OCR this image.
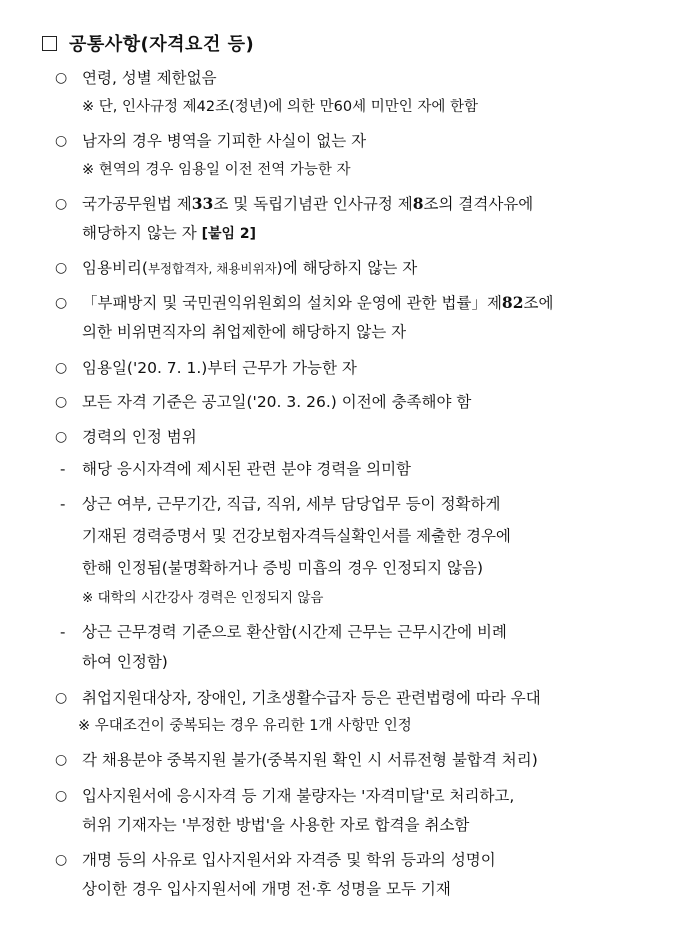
공통사항(자격요건 등)
○ 연령, 성별 제한없음
※ 단, 인사규정 제42조(정년)에 의한 만60세 미만인 자에 한함
○ 남자의 경우 병역을 기피한 사실이 없는 자
※ 현역의 경우 임용일 이전 전역 가능한 자
○ 국가공무원법 제33조 및 독립기념관 인사규정 제8조의 결격사유에
해당하지 않는 자 [붙임 2]
○ 임용비리(부정합격자, 채용비위자)에 해당하지 않는 자
○ 「부패방지 및 국민권익위원회의 설치와 운영에 관한 법률」제82조에
의한 비위면직자의 취업제한에 해당하지 않는 자
○ 임용일('20. 7. 1.)부터 근무가 가능한 자
○ 모든 자격 기준은 공고일('20. 3. 26.) 이전에 충족해야 함
○ 경력의 인정 범위
- 해당 응시자격에 제시된 관련 분야 경력을 의미함
- 상근 여부, 근무기간, 직급, 직위, 세부 담당업무 등이 정확하게
기재된 경력증명서 및 건강보험자격득실확인서를 제출한 경우에
한해 인정됨(불명확하거나 증빙 미흡의 경우 인정되지 않음)
※ 대학의 시간강사 경력은 인정되지 않음
- 상근 근무경력 기준으로 환산함(시간제 근무는 근무시간에 비례
하여 인정함)
○ 취업지원대상자, 장애인, 기초생활수급자 등은 관련법령에 따라 우대
※ 우대조건이 중복되는 경우 유리한 1개 사항만 인정
○ 각 채용분야 중복지원 불가(중복지원 확인 시 서류전형 불합격 처리)
○ 입사지원서에 응시자격 등 기재 불량자는 '자격미달'로 처리하고,
허위 기재자는 '부정한 방법'을 사용한 자로 합격을 취소함
○ 개명 등의 사유로 입사지원서와 자격증 및 학위 등과의 성명이
상이한 경우 입사지원서에 개명 전·후 성명을 모두 기재
